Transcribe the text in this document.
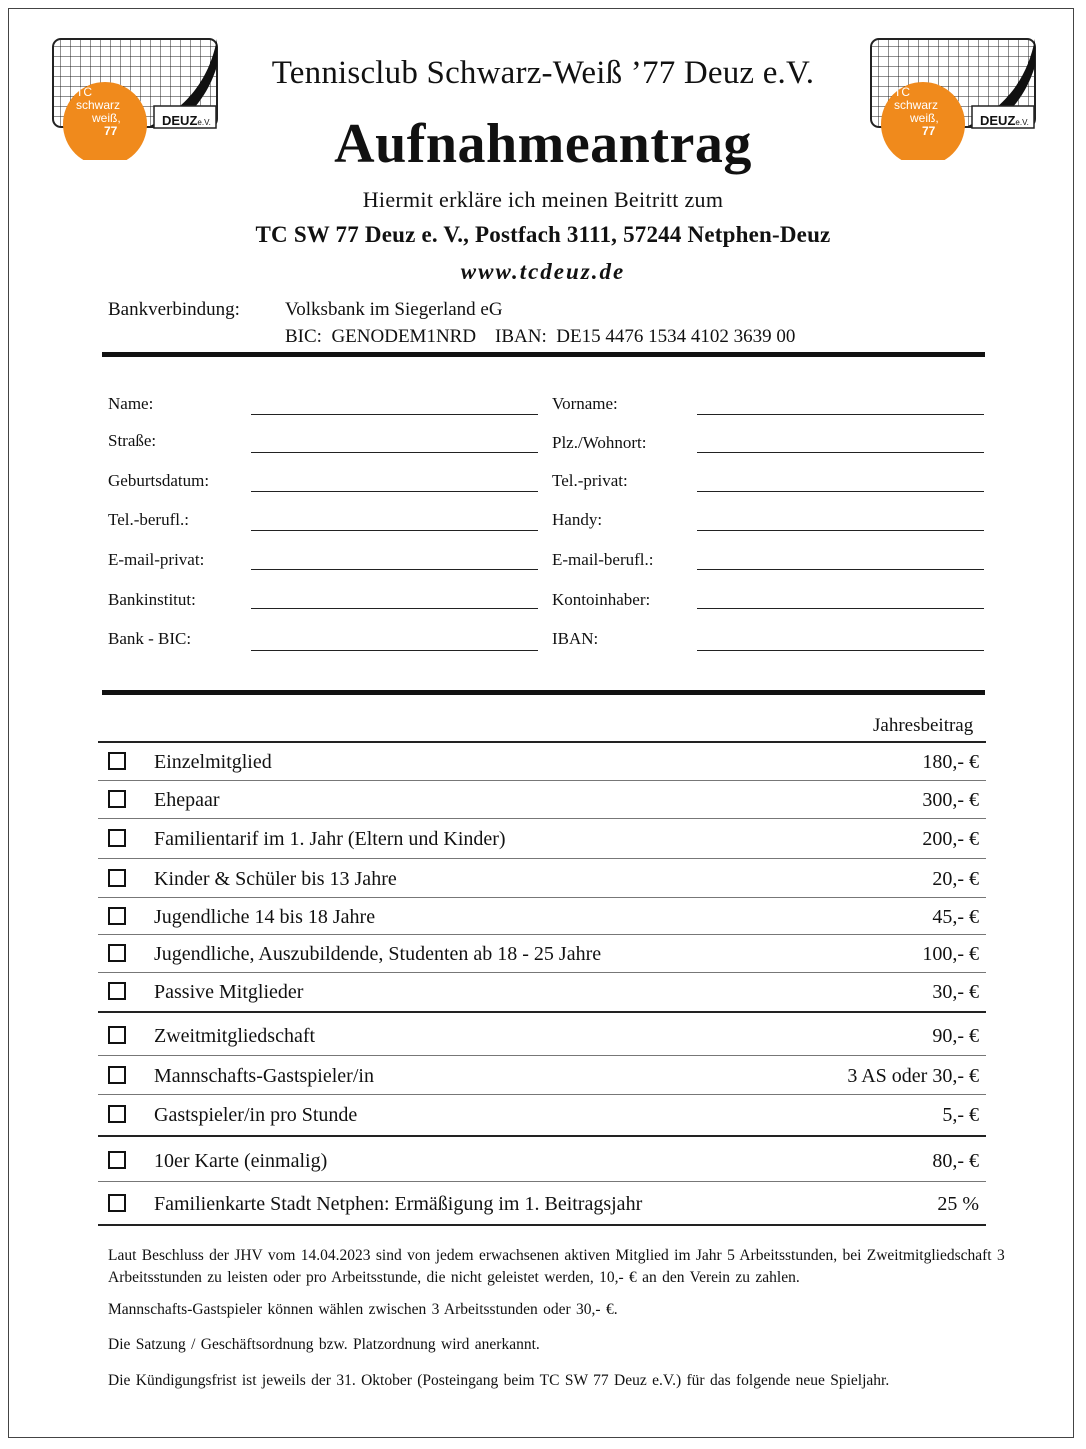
TC
schwarz
weiß,
77
DEUZe.V.
TC
schwarz
weiß,
77
DEUZe.V.
Tennisclub Schwarz-Weiß ’77 Deuz e.V.
Aufnahmeantrag
Hiermit erkläre ich meinen Beitritt zum
TC SW 77 Deuz e. V., Postfach 3111, 57244 Netphen-Deuz
www.tcdeuz.de
Bankverbindung: Volksbank im Siegerland eG
BIC:  GENODEM1NRD    IBAN:  DE15 4476 1534 4102 3639 00
Name:	Vorname:
Straße:	Plz./Wohnort:
Geburtsdatum:	Tel.-privat:
Tel.-berufl.:	Handy:
E-mail-privat:	E-mail-berufl.:
Bankinstitut:	Kontoinhaber:
Bank - BIC:	IBAN:
Jahresbeitrag
Einzelmitglied	180,- €
Ehepaar	300,- €
Familientarif im 1. Jahr (Eltern und Kinder)	200,- €
Kinder & Schüler bis 13 Jahre	20,- €
Jugendliche 14 bis 18 Jahre	45,- €
Jugendliche, Auszubildende, Studenten ab 18 - 25 Jahre	100,- €
Passive Mitglieder	30,- €
Zweitmitgliedschaft	90,- €
Mannschafts-Gastspieler/in	3 AS oder 30,- €
Gastspieler/in pro Stunde	5,- €
10er Karte (einmalig)	80,- €
Familienkarte Stadt Netphen: Ermäßigung im 1. Beitragsjahr	25 %
Laut Beschluss der JHV vom 14.04.2023 sind von jedem erwachsenen aktiven Mitglied im Jahr 5 Arbeitsstunden, bei Zweitmitgliedschaft 3 Arbeitsstunden zu leisten oder pro Arbeitsstunde, die nicht geleistet werden, 10,- € an den Verein zu zahlen.
Mannschafts-Gastspieler können wählen zwischen 3 Arbeitsstunden oder 30,- €.
Die Satzung / Geschäftsordnung bzw. Platzordnung wird anerkannt.
Die Kündigungsfrist ist jeweils der 31. Oktober (Posteingang beim TC SW 77 Deuz e.V.) für das folgende neue Spieljahr.
